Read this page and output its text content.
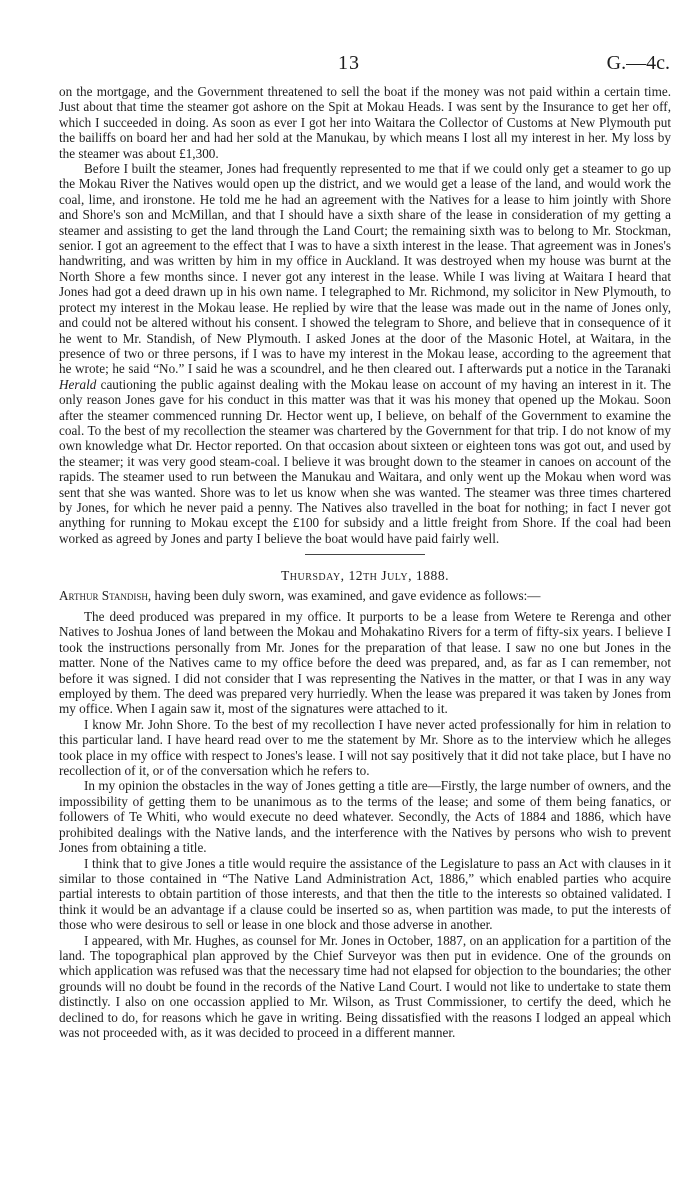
13	G.—4c.

on the mortgage, and the Government threatened to sell the boat if the money was not paid within a certain time. Just about that time the steamer got ashore on the Spit at Mokau Heads. I was sent by the Insurance to get her off, which I succeeded in doing. As soon as ever I got her into Waitara the Collector of Customs at New Plymouth put the bailiffs on board her and had her sold at the Manukau, by which means I lost all my interest in her. My loss by the steamer was about £1,300.

Before I built the steamer, Jones had frequently represented to me that if we could only get a steamer to go up the Mokau River the Natives would open up the district, and we would get a lease of the land, and would work the coal, lime, and ironstone. He told me he had an agreement with the Natives for a lease to him jointly with Shore and Shore's son and McMillan, and that I should have a sixth share of the lease in consideration of my getting a steamer and assisting to get the land through the Land Court; the remaining sixth was to belong to Mr. Stockman, senior. I got an agreement to the effect that I was to have a sixth interest in the lease. That agreement was in Jones's handwriting, and was written by him in my office in Auckland. It was destroyed when my house was burnt at the North Shore a few months since. I never got any interest in the lease. While I was living at Waitara I heard that Jones had got a deed drawn up in his own name. I telegraphed to Mr. Richmond, my solicitor in New Plymouth, to protect my interest in the Mokau lease. He replied by wire that the lease was made out in the name of Jones only, and could not be altered without his consent. I showed the telegram to Shore, and believe that in consequence of it he went to Mr. Standish, of New Plymouth. I asked Jones at the door of the Masonic Hotel, at Waitara, in the presence of two or three persons, if I was to have my interest in the Mokau lease, according to the agreement that he wrote; he said “No.” I said he was a scoundrel, and he then cleared out. I afterwards put a notice in the Taranaki Herald cautioning the public against dealing with the Mokau lease on account of my having an interest in it. The only reason Jones gave for his conduct in this matter was that it was his money that opened up the Mokau. Soon after the steamer commenced running Dr. Hector went up, I believe, on behalf of the Government to examine the coal. To the best of my recollection the steamer was chartered by the Government for that trip. I do not know of my own knowledge what Dr. Hector reported. On that occasion about sixteen or eighteen tons was got out, and used by the steamer; it was very good steam-coal. I believe it was brought down to the steamer in canoes on account of the rapids. The steamer used to run between the Manukau and Waitara, and only went up the Mokau when word was sent that she was wanted. Shore was to let us know when she was wanted. The steamer was three times chartered by Jones, for which he never paid a penny. The Natives also travelled in the boat for nothing; in fact I never got anything for running to Mokau except the £100 for subsidy and a little freight from Shore. If the coal had been worked as agreed by Jones and party I believe the boat would have paid fairly well.

Thursday, 12th July, 1888.

Arthur Standish, having been duly sworn, was examined, and gave evidence as follows:—

The deed produced was prepared in my office. It purports to be a lease from Wetere te Rerenga and other Natives to Joshua Jones of land between the Mokau and Mohakatino Rivers for a term of fifty-six years. I believe I took the instructions personally from Mr. Jones for the preparation of that lease. I saw no one but Jones in the matter. None of the Natives came to my office before the deed was prepared, and, as far as I can remember, not before it was signed. I did not consider that I was representing the Natives in the matter, or that I was in any way employed by them. The deed was prepared very hurriedly. When the lease was prepared it was taken by Jones from my office. When I again saw it, most of the signatures were attached to it.

I know Mr. John Shore. To the best of my recollection I have never acted professionally for him in relation to this particular land. I have heard read over to me the statement by Mr. Shore as to the interview which he alleges took place in my office with respect to Jones's lease. I will not say positively that it did not take place, but I have no recollection of it, or of the conversation which he refers to.

In my opinion the obstacles in the way of Jones getting a title are—Firstly, the large number of owners, and the impossibility of getting them to be unanimous as to the terms of the lease; and some of them being fanatics, or followers of Te Whiti, who would execute no deed whatever. Secondly, the Acts of 1884 and 1886, which have prohibited dealings with the Native lands, and the interference with the Natives by persons who wish to prevent Jones from obtaining a title.

I think that to give Jones a title would require the assistance of the Legislature to pass an Act with clauses in it similar to those contained in “The Native Land Administration Act, 1886,” which enabled parties who acquire partial interests to obtain partition of those interests, and that then the title to the interests so obtained validated. I think it would be an advantage if a clause could be inserted so as, when partition was made, to put the interests of those who were desirous to sell or lease in one block and those adverse in another.

I appeared, with Mr. Hughes, as counsel for Mr. Jones in October, 1887, on an application for a partition of the land. The topographical plan approved by the Chief Surveyor was then put in evidence. One of the grounds on which application was refused was that the necessary time had not elapsed for objection to the boundaries; the other grounds will no doubt be found in the records of the Native Land Court. I would not like to undertake to state them distinctly. I also on one occassion applied to Mr. Wilson, as Trust Commissioner, to certify the deed, which he declined to do, for reasons which he gave in writing. Being dissatisfied with the reasons I lodged an appeal which was not proceeded with, as it was decided to proceed in a different manner.
